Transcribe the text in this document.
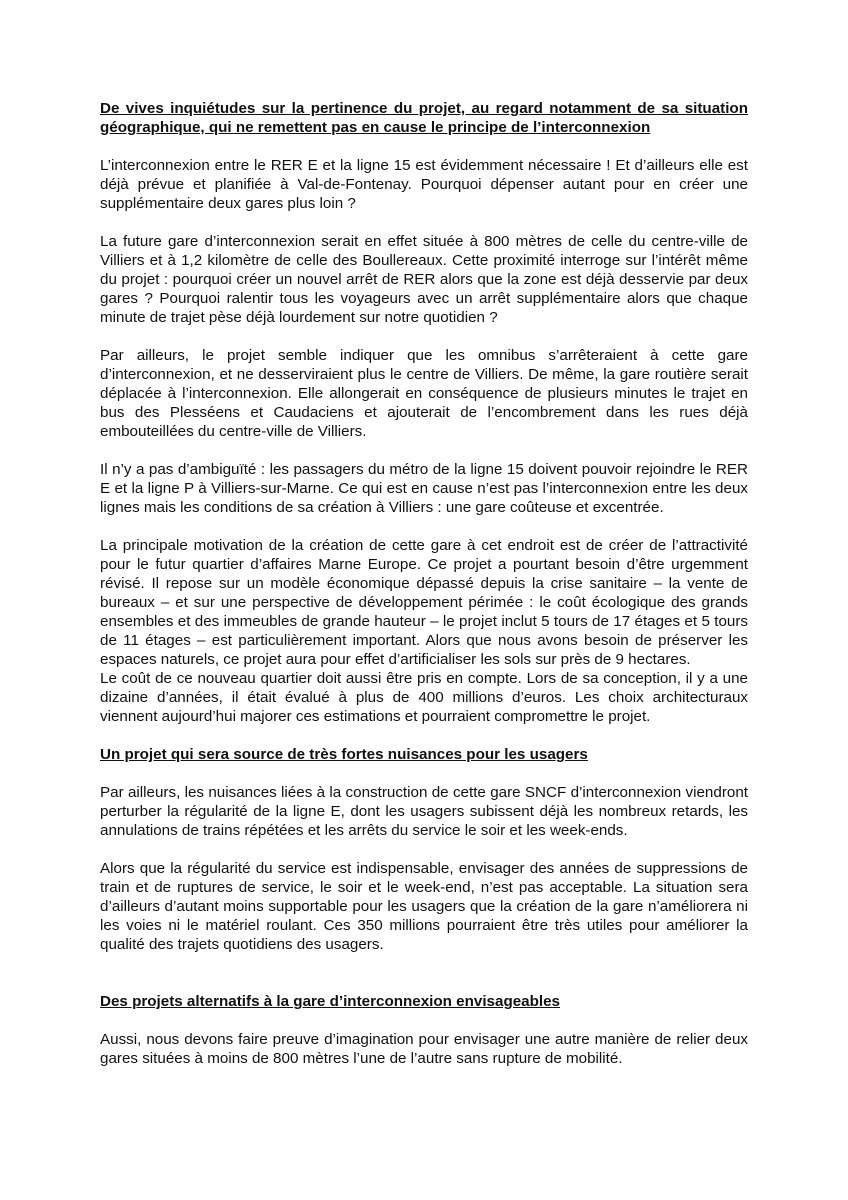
De vives inquiétudes sur la pertinence du projet, au regard notamment de sa situation géographique, qui ne remettent pas en cause le principe de l’interconnexion

L’interconnexion entre le RER E et la ligne 15 est évidemment nécessaire ! Et d’ailleurs elle est déjà prévue et planifiée à Val-de-Fontenay. Pourquoi dépenser autant pour en créer une supplémentaire deux gares plus loin ?

La future gare d’interconnexion serait en effet située à 800 mètres de celle du centre-ville de Villiers et à 1,2 kilomètre de celle des Boullereaux. Cette proximité interroge sur l’intérêt même du projet : pourquoi créer un nouvel arrêt de RER alors que la zone est déjà desservie par deux gares ? Pourquoi ralentir tous les voyageurs avec un arrêt supplémentaire alors que chaque minute de trajet pèse déjà lourdement sur notre quotidien ?

Par ailleurs, le projet semble indiquer que les omnibus s’arrêteraient à cette gare d’interconnexion, et ne desserviraient plus le centre de Villiers. De même, la gare routière serait déplacée à l’interconnexion. Elle allongerait en conséquence de plusieurs minutes le trajet en bus des Plesséens et Caudaciens et ajouterait de l’encombrement dans les rues déjà embouteillées du centre-ville de Villiers.

Il n’y a pas d’ambiguïté : les passagers du métro de la ligne 15 doivent pouvoir rejoindre le RER E et la ligne P à Villiers-sur-Marne. Ce qui est en cause n’est pas l’interconnexion entre les deux lignes mais les conditions de sa création à Villiers : une gare coûteuse et excentrée.

La principale motivation de la création de cette gare à cet endroit est de créer de l’attractivité pour le futur quartier d’affaires Marne Europe. Ce projet a pourtant besoin d’être urgemment révisé. Il repose sur un modèle économique dépassé depuis la crise sanitaire – la vente de bureaux – et sur une perspective de développement périmée : le coût écologique des grands ensembles et des immeubles de grande hauteur – le projet inclut 5 tours de 17 étages et 5 tours de 11 étages – est particulièrement important. Alors que nous avons besoin de préserver les espaces naturels, ce projet aura pour effet d’artificialiser les sols sur près de 9 hectares.

Le coût de ce nouveau quartier doit aussi être pris en compte. Lors de sa conception, il y a une dizaine d’années, il était évalué à plus de 400 millions d’euros. Les choix architecturaux viennent aujourd’hui majorer ces estimations et pourraient compromettre le projet.

Un projet qui sera source de très fortes nuisances pour les usagers

Par ailleurs, les nuisances liées à la construction de cette gare SNCF d’interconnexion viendront perturber la régularité de la ligne E, dont les usagers subissent déjà les nombreux retards, les annulations de trains répétées et les arrêts du service le soir et les week-ends.

Alors que la régularité du service est indispensable, envisager des années de suppressions de train et de ruptures de service, le soir et le week-end, n’est pas acceptable. La situation sera d’ailleurs d’autant moins supportable pour les usagers que la création de la gare n’améliorera ni les voies ni le matériel roulant. Ces 350 millions pourraient être très utiles pour améliorer la qualité des trajets quotidiens des usagers.

Des projets alternatifs à la gare d’interconnexion envisageables

Aussi, nous devons faire preuve d’imagination pour envisager une autre manière de relier deux gares situées à moins de 800 mètres l’une de l’autre sans rupture de mobilité.
